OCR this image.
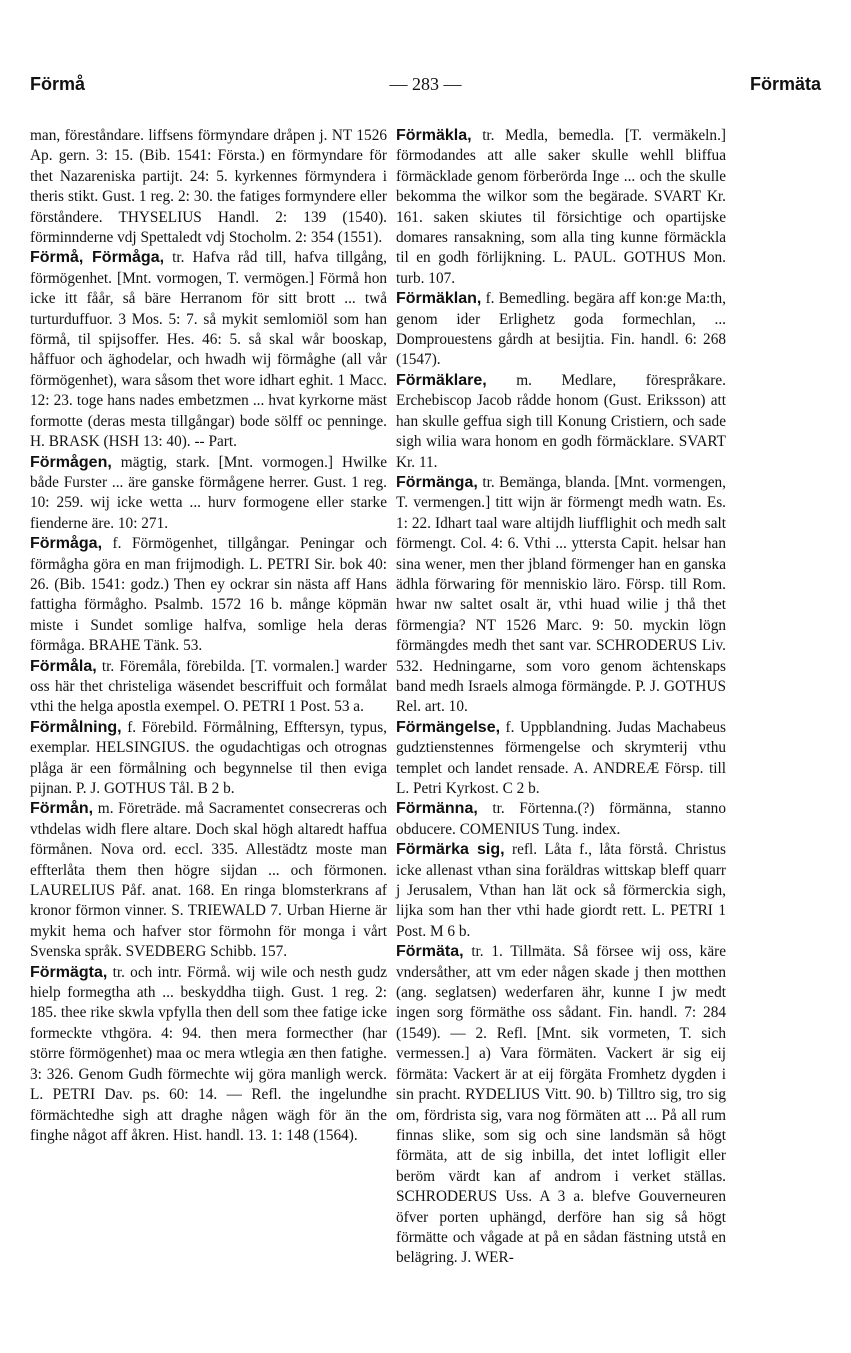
— 283 —
Förmå	Förmäta

man, föreståndare. liffsens förmyndare dråpen j. NT 1526 Ap. gern. 3: 15. (Bib. 1541: Första.) en förmyndare för thet Nazareniska partijt. 24: 5. kyrkennes förmyndera i theris stikt. Gust. 1 reg. 2: 30. the fatiges formyndere eller förståndere. THYSELIUS Handl. 2: 139 (1540). förminnderne vdj Spettaledt vdj Stocholm. 2: 354 (1551).

Förmå, Förmåga, tr. Hafva råd till, hafva tillgång, förmögenhet. [Mnt. vormogen, T. vermögen.] Förmå hon icke itt fåår, så bäre Herranom för sitt brott ... twå turturduffuor. 3 Mos. 5: 7. så mykit semlomiöl som han förmå, til spijsoffer. Hes. 46: 5. så skal wår booskap, håffuor och äghodelar, och hwadh wij förmåghe (all vår förmögenhet), wara såsom thet wore idhart eghit. 1 Macc. 12: 23. toge hans nades embetzmen ... hvat kyrkorne mäst formotte (deras mesta tillgångar) bode sölff oc penninge. H. BRASK (HSH 13: 40). -- Part.

Förmågen, mägtig, stark. [Mnt. vormogen.] Hwilke både Furster ... äre ganske förmågene herrer. Gust. 1 reg. 10: 259. wij icke wetta ... hurv formogene eller starke fienderne äre. 10: 271.

Förmåga, f. Förmögenhet, tillgångar. Peningar och förmågha göra en man frijmodigh. L. PETRI Sir. bok 40: 26. (Bib. 1541: godz.) Then ey ockrar sin nästa aff Hans fattigha förmågho. Psalmb. 1572 16 b. månge köpmän miste i Sundet somlige halfva, somlige hela deras förmåga. BRAHE Tänk. 53.

Förmåla, tr. Föremåla, förebilda. [T. vormalen.] warder oss här thet christeliga wäsendet bescriffuit och formålat vthi the helga apostla exempel. O. PETRI 1 Post. 53 a.

Förmålning, f. Förebild. Förmålning, Efftersyn, typus, exemplar. HELSINGIUS. the ogudachtigas och otrognas plåga är een förmålning och begynnelse til then eviga pijnan. P. J. GOTHUS Tål. B 2 b.

Förmån, m. Företräde. må Sacramentet consecreras och vthdelas widh flere altare. Doch skal högh altaredt haffua förmånen. Nova ord. eccl. 335. Allestädtz moste man effterlåta them then högre sijdan ... och förmonen. LAURELIUS Påf. anat. 168. En ringa blomsterkrans af kronor förmon vinner. S. TRIEWALD 7. Urban Hierne är mykit hema och hafver stor förmohn för monga i vårt Svenska språk. SVEDBERG Schibb. 157.

Förmägta, tr. och intr. Förmå. wij wile och nesth gudz hielp formegtha ath ... beskyddha tiigh. Gust. 1 reg. 2: 185. thee rike skwla vpfylla then dell som thee fatige icke formeckte vthgöra. 4: 94. then mera formecther (har större förmögenhet) maa oc mera wtlegia æn then fatighe. 3: 326. Genom Gudh förmechte wij göra manligh werck. L. PETRI Dav. ps. 60: 14. — Refl. the ingelundhe förmächtedhe sigh att draghe någen wägh för än the finghe något aff åkren. Hist. handl. 13. 1: 148 (1564).

Förmäkla, tr. Medla, bemedla. [T. vermäkeln.] förmodandes att alle saker skulle wehll bliffua förmäcklade genom förberörda Inge ... och the skulle bekomma the wilkor som the begärade. SVART Kr. 161. saken skiutes til försichtige och opartijske domares ransakning, som alla ting kunne förmäckla til en godh förlijkning. L. PAUL. GOTHUS Mon. turb. 107.

Förmäklan, f. Bemedling. begära aff kon:ge Ma:th, genom ider Erlighetz goda formechlan, ... Domprouestens gårdh at besijtia. Fin. handl. 6: 268 (1547).

Förmäklare, m. Medlare, förespråkare. Erchebiscop Jacob rådde honom (Gust. Eriksson) att han skulle geffua sigh till Konung Cristiern, och sade sigh wilia wara honom en godh förmäcklare. SVART Kr. 11.

Förmänga, tr. Bemänga, blanda. [Mnt. vormengen, T. vermengen.] titt wijn är förmengt medh watn. Es. 1: 22. Idhart taal ware altijdh liufflighit och medh salt förmengt. Col. 4: 6. Vthi ... yttersta Capit. helsar han sina wener, men ther jbland förmenger han en ganska ädhla förwaring för menniskio läro. Försp. till Rom. hwar nw saltet osalt är, vthi huad wilie j thå thet förmengia? NT 1526 Marc. 9: 50. myckin lögn förmängdes medh thet sant var. SCHRODERUS Liv. 532. Hedningarne, som voro genom ächtenskaps band medh Israels almoga förmängde. P. J. GOTHUS Rel. art. 10.

Förmängelse, f. Uppblandning. Judas Machabeus gudztienstennes förmengelse och skrymterij vthu templet och landet rensade. A. ANDREÆ Försp. till L. Petri Kyrkost. C 2 b.

Förmänna, tr. Förtenna.(?) förmänna, stanno obducere. COMENIUS Tung. index.

Förmärka sig, refl. Låta f., låta förstå. Christus icke allenast vthan sina foräldras wittskap bleff quarr j Jerusalem, Vthan han lät ock så förmerckia sigh, lijka som han ther vthi hade giordt rett. L. PETRI 1 Post. M 6 b.

Förmäta, tr. 1. Tillmäta. Så försee wij oss, käre vndersåther, att vm eder någen skade j then motthen (ang. seglatsen) wederfaren ähr, kunne I jw medt ingen sorg förmäthe oss sådant. Fin. handl. 7: 284 (1549). — 2. Refl. [Mnt. sik vormeten, T. sich vermessen.] a) Vara förmäten. Vackert är sig eij förmäta: Vackert är at eij förgäta Fromhetz dygden i sin pracht. RYDELIUS Vitt. 90. b) Tilltro sig, tro sig om, fördrista sig, vara nog förmäten att ... På all rum finnas slike, som sig och sine landsmän så högt förmäta, att de sig inbilla, det intet lofligit eller beröm värdt kan af androm i verket ställas. SCHRODERUS Uss. A 3 a. blefve Gouverneuren öfver porten uphängd, derföre han sig så högt förmätte och vågade at på en sådan fästning utstå en belägring. J. WER-
